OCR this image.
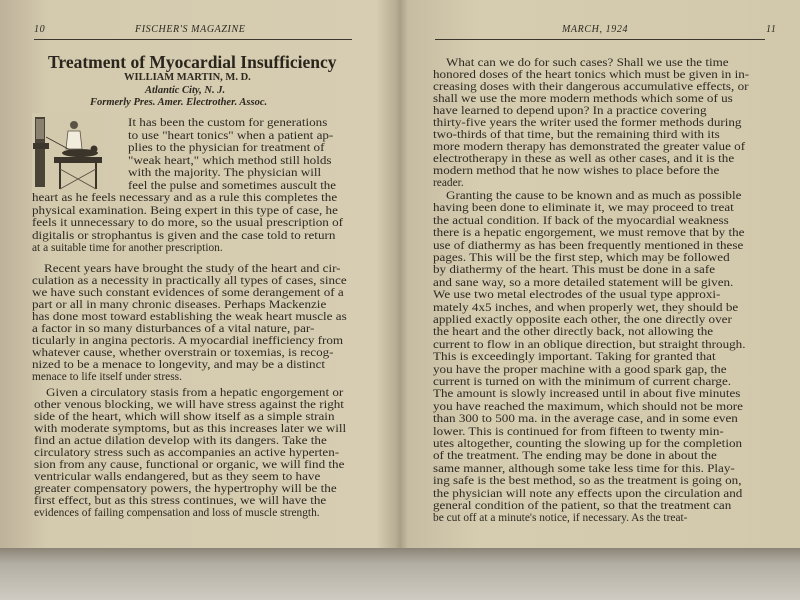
10	FISCHER'S MAGAZINE
Treatment of Myocardial Insufficiency
WILLIAM MARTIN, M. D.
Atlantic City, N. J.
Formerly Pres. Amer. Electrother. Assoc.
It has been the custom for generations
to use "heart tonics" when a patient ap-
plies to the physician for treatment of
"weak heart," which method still holds
with the majority. The physician will
feel the pulse and sometimes auscult the
heart as he feels necessary and as a rule this completes the
physical examination. Being expert in this type of case, he
feels it unnecessary to do more, so the usual prescription of
digitalis or strophantus is given and the case told to return
at a suitable time for another prescription.
Recent years have brought the study of the heart and cir-
culation as a necessity in practically all types of cases, since
we have such constant evidences of some derangement of a
part or all in many chronic diseases. Perhaps Mackenzie
has done most toward establishing the weak heart muscle as
a factor in so many disturbances of a vital nature, par-
ticularly in angina pectoris. A myocardial inefficiency from
whatever cause, whether overstrain or toxemias, is recog-
nized to be a menace to longevity, and may be a distinct
menace to life itself under stress.
Given a circulatory stasis from a hepatic engorgement or
other venous blocking, we will have stress against the right
side of the heart, which will show itself as a simple strain
with moderate symptoms, but as this increases later we will
find an actue dilation develop with its dangers. Take the
circulatory stress such as accompanies an active hyperten-
sion from any cause, functional or organic, we will find the
ventricular walls endangered, but as they seem to have
greater compensatory powers, the hypertrophy will be the
first effect, but as this stress continues, we will have the
evidences of failing compensation and loss of muscle strength.
MARCH, 1924	11
What can we do for such cases? Shall we use the time
honored doses of the heart tonics which must be given in in-
creasing doses with their dangerous accumulative effects, or
shall we use the more modern methods which some of us
have learned to depend upon? In a practice covering
thirty-five years the writer used the former methods during
two-thirds of that time, but the remaining third with its
more modern therapy has demonstrated the greater value of
electrotherapy in these as well as other cases, and it is the
modern method that he now wishes to place before the
reader.
Granting the cause to be known and as much as possible
having been done to eliminate it, we may proceed to treat
the actual condition. If back of the myocardial weakness
there is a hepatic engorgement, we must remove that by the
use of diathermy as has been frequently mentioned in these
pages. This will be the first step, which may be followed
by diathermy of the heart. This must be done in a safe
and sane way, so a more detailed statement will be given.
We use two metal electrodes of the usual type approxi-
mately 4x5 inches, and when properly wet, they should be
applied exactly opposite each other, the one directly over
the heart and the other directly back, not allowing the
current to flow in an oblique direction, but straight through.
This is exceedingly important. Taking for granted that
you have the proper machine with a good spark gap, the
current is turned on with the minimum of current charge.
The amount is slowly increased until in about five minutes
you have reached the maximum, which should not be more
than 300 to 500 ma. in the average case, and in some even
lower. This is continued for from fifteen to twenty min-
utes altogether, counting the slowing up for the completion
of the treatment. The ending may be done in about the
same manner, although some take less time for this. Play-
ing safe is the best method, so as the treatment is going on,
the physician will note any effects upon the circulation and
general condition of the patient, so that the treatment can
be cut off at a minute's notice, if necessary. As the treat-
